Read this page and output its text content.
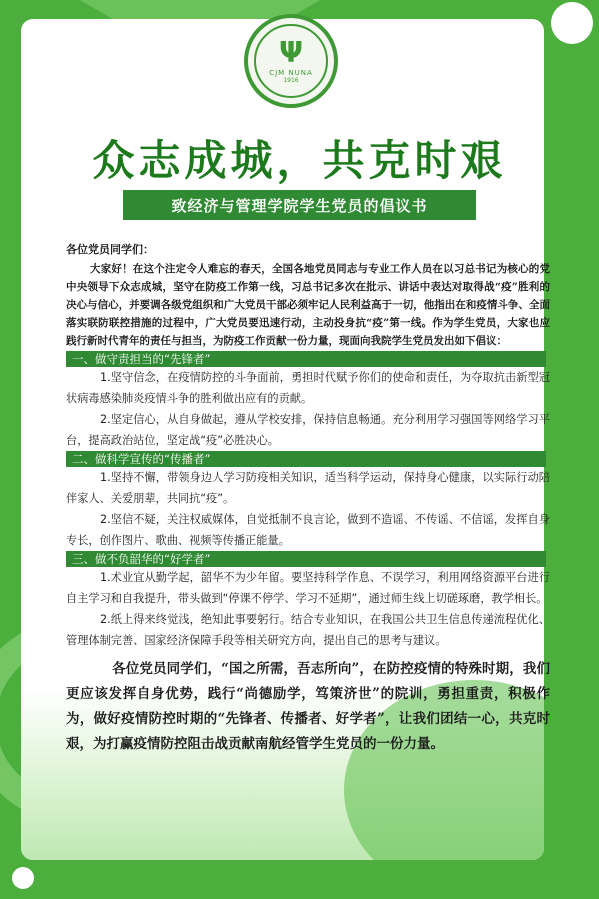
Ψ
CJM NUNA
1916
众志成城，共克时艰
致经济与管理学院学生党员的倡议书
各位党员同学们：
大家好！在这个注定令人难忘的春天，全国各地党员同志与专业工作人员在以习总书记为核心的党中央领导下众志成城，坚守在防疫工作第一线，习总书记多次在批示、讲话中表达对取得战“疫”胜利的决心与信心，并要调各级党组织和广大党员干部必须牢记人民利益高于一切，他指出在和疫情斗争、全面落实联防联控措施的过程中，广大党员要迅速行动，主动投身抗“疫”第一线。作为学生党员，大家也应践行新时代青年的责任与担当，为防疫工作贡献一份力量，现面向我院学生党员发出如下倡议：
一、做守责担当的“先锋者”
1.坚守信念，在疫情防控的斗争面前，勇担时代赋予你们的使命和责任，为夺取抗击新型冠状病毒感染肺炎疫情斗争的胜利做出应有的贡献。
2.坚定信心，从自身做起，遵从学校安排，保持信息畅通。充分利用学习强国等网络学习平台，提高政治站位，坚定战“疫”必胜决心。
二、做科学宣传的“传播者”
1.坚持不懈，带领身边人学习防疫相关知识，适当科学运动，保持身心健康，以实际行动陪伴家人、关爱朋辈，共同抗“疫”。
2.坚信不疑，关注权威媒体，自觉抵制不良言论，做到不造谣、不传谣、不信谣，发挥自身专长，创作图片、歌曲、视频等传播正能量。
三、做不负韶华的“好学者”
1.术业宜从勤学起，韶华不为少年留。要坚持科学作息、不误学习，利用网络资源平台进行自主学习和自我提升，带头做到“停课不停学、学习不延期”，通过师生线上切磋琢磨，教学相长。
2.纸上得来终觉浅，绝知此事要躬行。结合专业知识，在我国公共卫生信息传递流程优化、管理体制完善、国家经济保障手段等相关研究方向，提出自己的思考与建议。
各位党员同学们，“国之所需，吾志所向”，在防控疫情的特殊时期，我们更应该发挥自身优势，践行“尚德励学，笃策济世”的院训，勇担重责，积极作为，做好疫情防控时期的“先锋者、传播者、好学者”，让我们团结一心，共克时艰，为打赢疫情防控阻击战贡献南航经管学生党员的一份力量。
